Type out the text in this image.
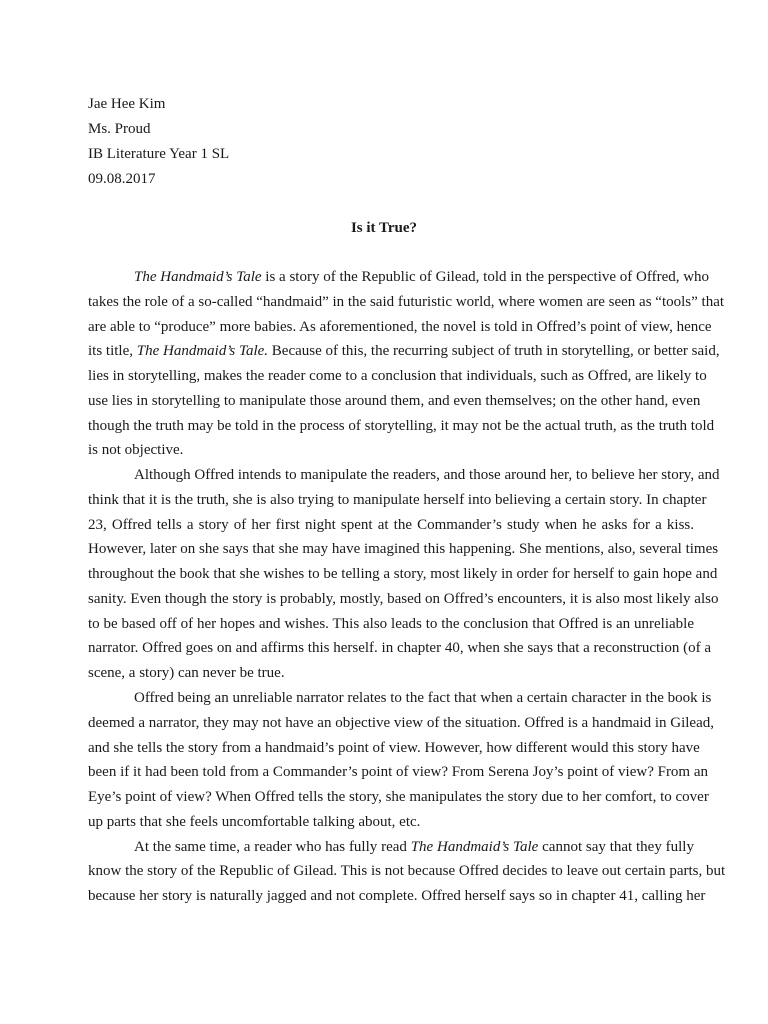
Jae Hee Kim
Ms. Proud
IB Literature Year 1 SL
09.08.2017
Is it True?
The Handmaid’s Tale is a story of the Republic of Gilead, told in the perspective of Offred, who
takes the role of a so-called “handmaid” in the said futuristic world, where women are seen as “tools” that
are able to “produce” more babies. As aforementioned, the novel is told in Offred’s point of view, hence
its title, The Handmaid’s Tale. Because of this, the recurring subject of truth in storytelling, or better said,
lies in storytelling, makes the reader come to a conclusion that individuals, such as Offred, are likely to
use lies in storytelling to manipulate those around them, and even themselves; on the other hand, even
though the truth may be told in the process of storytelling, it may not be the actual truth, as the truth told
is not objective.
Although Offred intends to manipulate the readers, and those around her, to believe her story, and
think that it is the truth, she is also trying to manipulate herself into believing a certain story. In chapter
23, Offred tells a story of her first night spent at the Commander’s study when he asks for a kiss.
However, later on she says that she may have imagined this happening. She mentions, also, several times
throughout the book that she wishes to be telling a story, most likely in order for herself to gain hope and
sanity. Even though the story is probably, mostly, based on Offred’s encounters, it is also most likely also
to be based off of her hopes and wishes. This also leads to the conclusion that Offred is an unreliable
narrator. Offred goes on and affirms this herself. in chapter 40, when she says that a reconstruction (of a
scene, a story) can never be true.
Offred being an unreliable narrator relates to the fact that when a certain character in the book is
deemed a narrator, they may not have an objective view of the situation. Offred is a handmaid in Gilead,
and she tells the story from a handmaid’s point of view. However, how different would this story have
been if it had been told from a Commander’s point of view? From Serena Joy’s point of view? From an
Eye’s point of view? When Offred tells the story, she manipulates the story due to her comfort, to cover
up parts that she feels uncomfortable talking about, etc.
At the same time, a reader who has fully read The Handmaid’s Tale cannot say that they fully
know the story of the Republic of Gilead. This is not because Offred decides to leave out certain parts, but
because her story is naturally jagged and not complete. Offred herself says so in chapter 41, calling her
